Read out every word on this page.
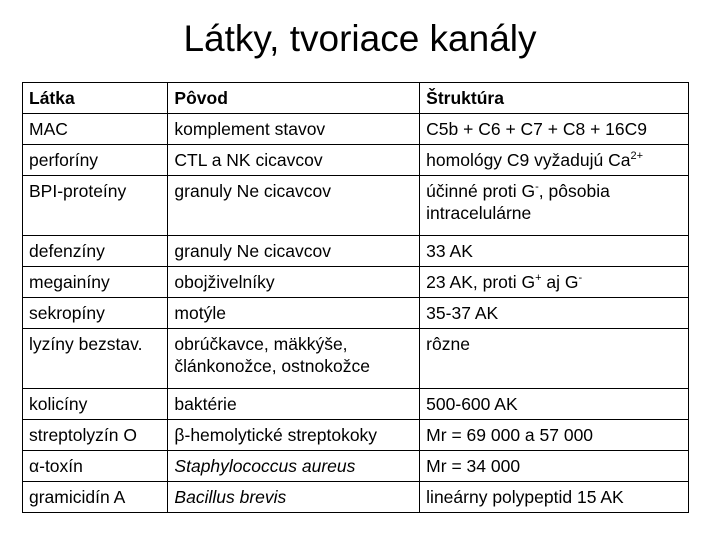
Látky, tvoriace kanály
Látka	Pôvod	Štruktúra
MAC	komplement stavov	C5b + C6 + C7 + C8 + 16C9
perforíny	CTL a NK cicavcov	homológy C9 vyžadujú $Ca^{2+}$
BPI-proteíny	granuly Ne cicavcov	účinné proti G-, pôsobia intracelulárne
defenzíny	granuly Ne cicavcov	33 AK
megainíny	obojživelníky	23 AK, proti G+ aj G-
sekropíny	motýle	35-37 AK
lyzíny bezstav.	obrúčkavce, mäkkýše, článkonožce, ostnokožce	rôzne
kolicíny	baktérie	500-600 AK
streptolyzín O	β-hemolytické streptokoky	Mr = 69 000 a 57 000
α-toxín	Staphylococcus aureus	Mr = 34 000
gramicidín A	Bacillus brevis	lineárny polypeptid 15 AK
